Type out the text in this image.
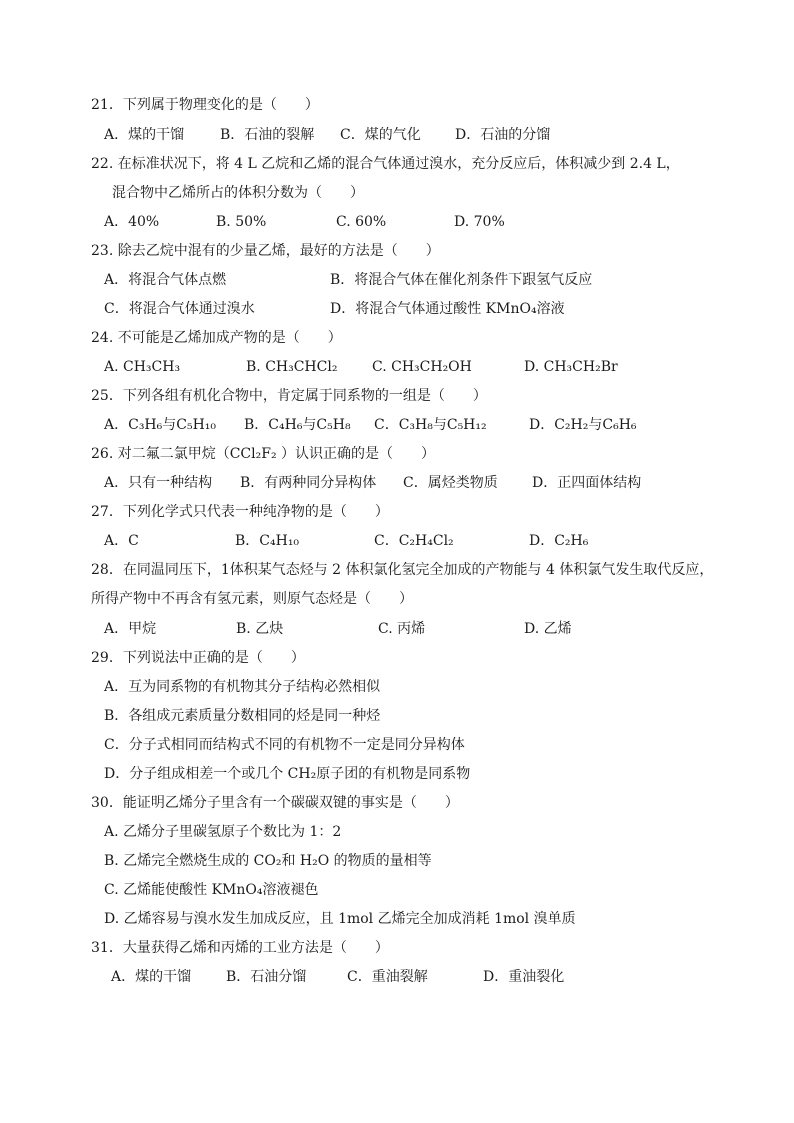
21．下列属于物理变化的是（　　）
A．煤的干馏	B．石油的裂解 C．煤的气化 D．石油的分馏
22. 在标准状况下，将 4 L 乙烷和乙烯的混合气体通过溴水，充分反应后，体积减少到 2.4 L，
混合物中乙烯所占的体积分数为（　　）
A．40%	B. 50%	C. 60%	D. 70%
23. 除去乙烷中混有的少量乙烯，最好的方法是（　　）
A．将混合气体点燃	B．将混合气体在催化剂条件下跟氢气反应
C．将混合气体通过溴水	D．将混合气体通过酸性 KMnO₄溶液
24. 不可能是乙烯加成产物的是（　　）
A. CH₃CH₃	B. CH₃CHCl₂ C. CH₃CH₂OH	D. CH₃CH₂Br
25．下列各组有机化合物中，肯定属于同系物的一组是（　　）
A．C₃H₆与C₅H₁₀ B．C₄H₆与C₅H₈ C．C₃H₈与C₅H₁₂	D．C₂H₂与C₆H₆
26. 对二氟二氯甲烷（CCl₂F₂ ）认识正确的是（　　）
A．只有一种结构 B．有两种同分异构体 C．属烃类物质 D．正四面体结构
27．下列化学式只代表一种纯净物的是（　　）
A．C	B．C₄H₁₀	C．C₂H₄Cl₂	D．C₂H₆
28．在同温同压下，1体积某气态烃与 2 体积氯化氢完全加成的产物能与 4 体积氯气发生取代反应，
所得产物中不再含有氢元素，则原气态烃是（　　）
A．甲烷	B. 乙炔	C. 丙烯	D. 乙烯
29．下列说法中正确的是（　　）
A．互为同系物的有机物其分子结构必然相似
B．各组成元素质量分数相同的烃是同一种烃
C．分子式相同而结构式不同的有机物不一定是同分异构体
D．分子组成相差一个或几个 CH₂原子团的有机物是同系物
30．能证明乙烯分子里含有一个碳碳双键的事实是（　　）
A. 乙烯分子里碳氢原子个数比为 1：2
B. 乙烯完全燃烧生成的 CO₂和 H₂O 的物质的量相等
C. 乙烯能使酸性 KMnO₄溶液褪色
D. 乙烯容易与溴水发生加成反应，且 1mol 乙烯完全加成消耗 1mol 溴单质
31．大量获得乙烯和丙烯的工业方法是（　　）
A．煤的干馏 B．石油分馏	C．重油裂解	D．重油裂化
